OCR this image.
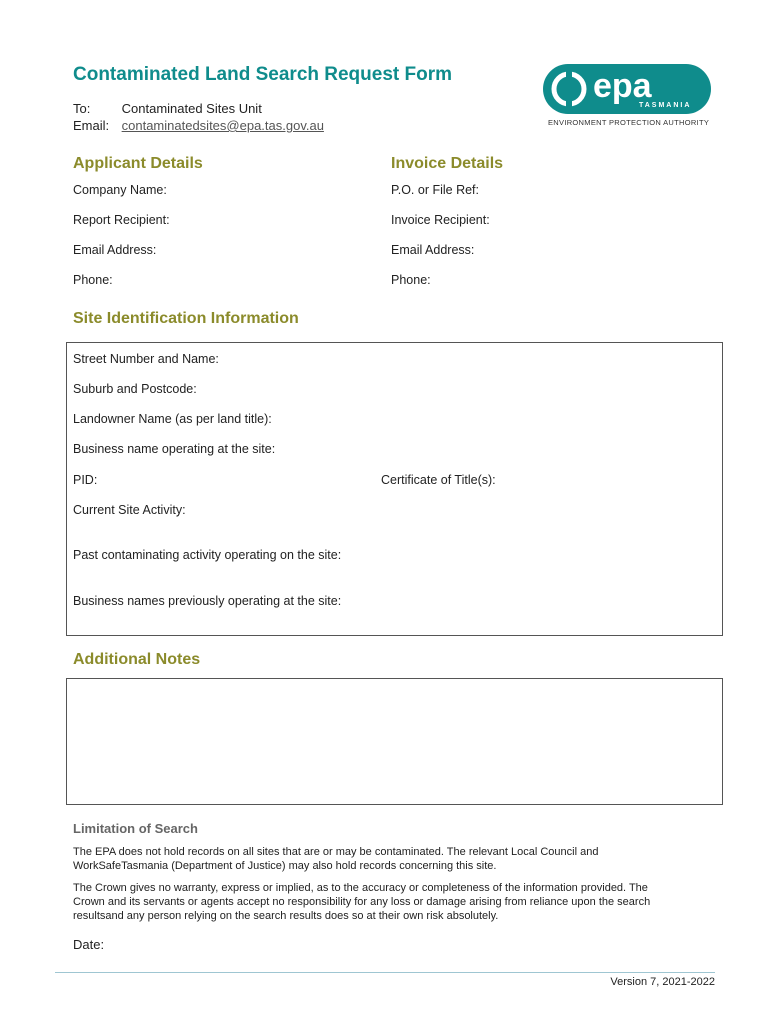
Contaminated Land Search Request Form
To: Contaminated Sites Unit
Email: contaminatedsites@epa.tas.gov.au
epa
TASMANIA
ENVIRONMENT PROTECTION AUTHORITY
Applicant Details
Company Name:
Report Recipient:
Email Address:
Phone:
Invoice Details
P.O. or File Ref:
Invoice Recipient:
Email Address:
Phone:
Site Identification Information
Street Number and Name:
Suburb and Postcode:
Landowner Name (as per land title):
Business name operating at the site:
PID:	Certificate of Title(s):
Current Site Activity:
Past contaminating activity operating on the site:
Business names previously operating at the site:
Additional Notes
Limitation of Search
The EPA does not hold records on all sites that are or may be contaminated. The relevant Local Council and WorkSafeTasmania (Department of Justice) may also hold records concerning this site.
The Crown gives no warranty, express or implied, as to the accuracy or completeness of the information provided. The Crown and its servants or agents accept no responsibility for any loss or damage arising from reliance upon the search resultsand any person relying on the search results does so at their own risk absolutely.
Date:
Version 7, 2021-2022
